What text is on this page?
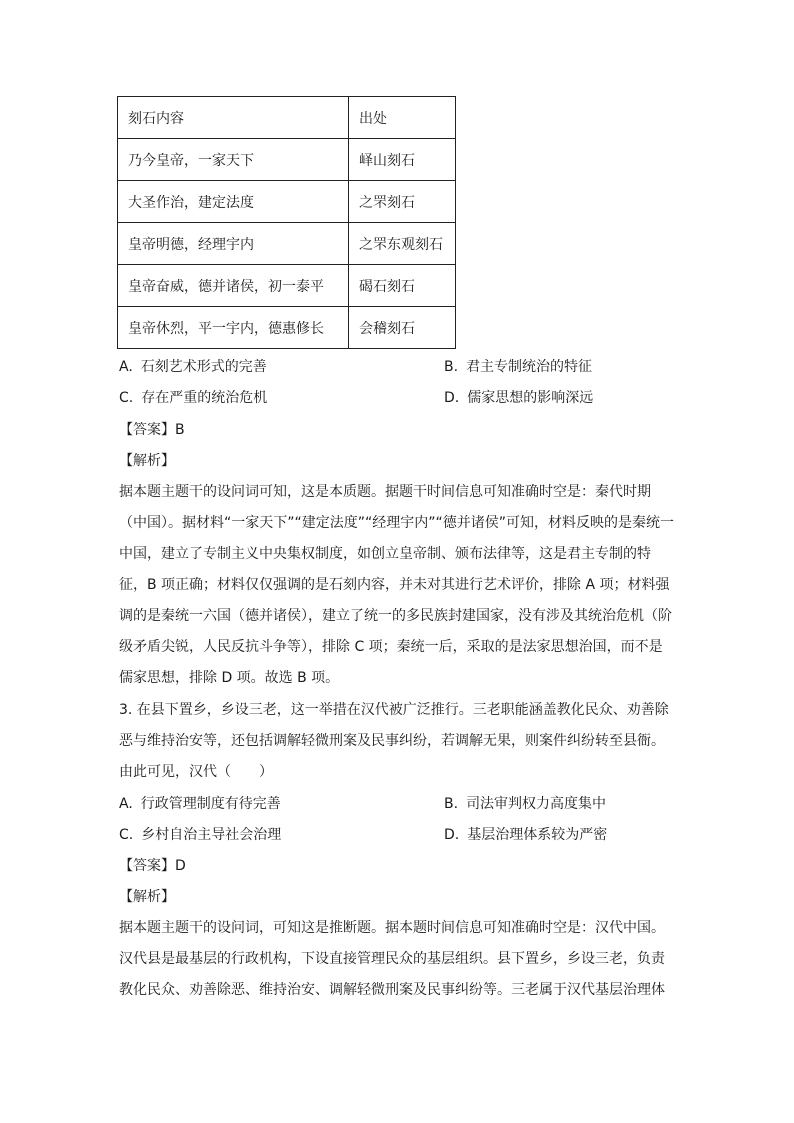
刻石内容	出处
乃今皇帝，一家天下	峄山刻石
大圣作治，建定法度	之罘刻石
皇帝明德，经理宇内	之罘东观刻石
皇帝奋威，德并诸侯，初一泰平	碣石刻石
皇帝休烈，平一宇内，德惠修长	会稽刻石
A. 石刻艺术形式的完善	B. 君主专制统治的特征
C. 存在严重的统治危机	D. 儒家思想的影响深远
【答案】B
【解析】
据本题主题干的设问词可知，这是本质题。据题干时间信息可知准确时空是：秦代时期
（中国）。据材料“一家天下”“建定法度”“经理宇内”“德并诸侯”可知，材料反映的是秦统一
中国，建立了专制主义中央集权制度，如创立皇帝制、颁布法律等，这是君主专制的特
征，B 项正确；材料仅仅强调的是石刻内容，并未对其进行艺术评价，排除 A 项；材料强
调的是秦统一六国（德并诸侯），建立了统一的多民族封建国家，没有涉及其统治危机（阶
级矛盾尖锐，人民反抗斗争等），排除 C 项；秦统一后，采取的是法家思想治国，而不是
儒家思想，排除 D 项。故选 B 项。
3. 在县下置乡，乡设三老，这一举措在汉代被广泛推行。三老职能涵盖教化民众、劝善除
恶与维持治安等，还包括调解轻微刑案及民事纠纷，若调解无果，则案件纠纷转至县衙。
由此可见，汉代（　　）
A. 行政管理制度有待完善	B. 司法审判权力高度集中
C. 乡村自治主导社会治理	D. 基层治理体系较为严密
【答案】D
【解析】
据本题主题干的设问词，可知这是推断题。据本题时间信息可知准确时空是：汉代中国。
汉代县是最基层的行政机构，下设直接管理民众的基层组织。县下置乡，乡设三老，负责
教化民众、劝善除恶、维持治安、调解轻微刑案及民事纠纷等。三老属于汉代基层治理体
